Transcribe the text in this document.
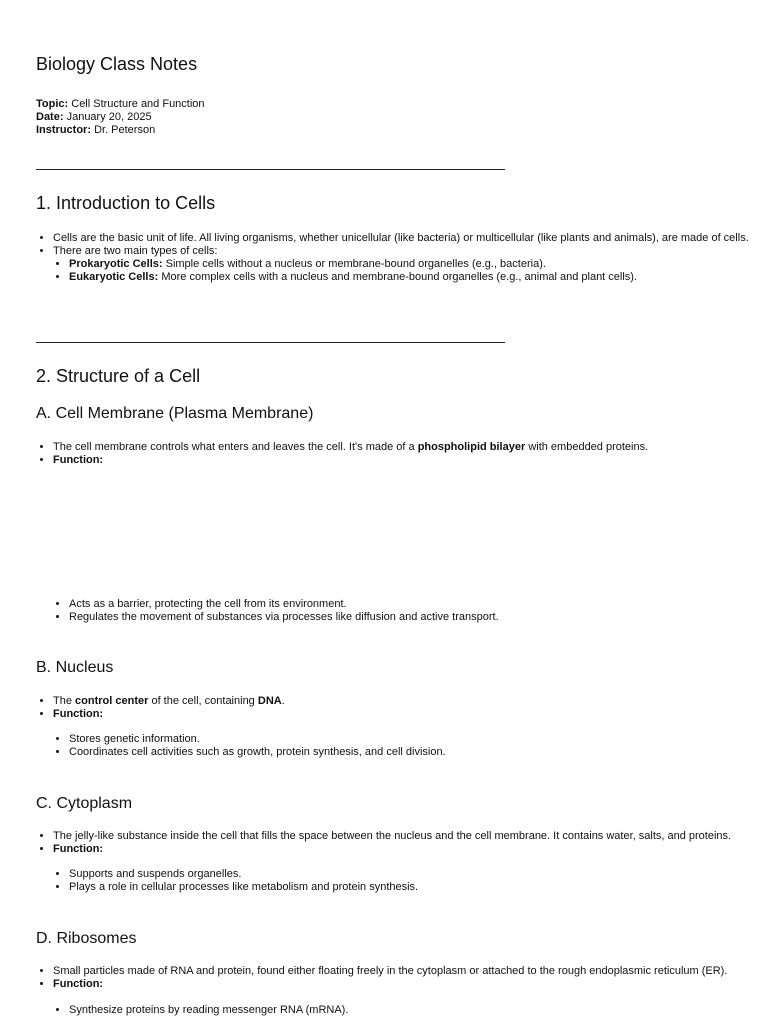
Biology Class Notes
Topic: Cell Structure and Function
Date: January 20, 2025
Instructor: Dr. Peterson
1. Introduction to Cells
• Cells are the basic unit of life. All living organisms, whether unicellular (like bacteria) or multicellular (like plants and animals), are made of cells.
• There are two main types of cells:
• Prokaryotic Cells: Simple cells without a nucleus or membrane-bound organelles (e.g., bacteria).
• Eukaryotic Cells: More complex cells with a nucleus and membrane-bound organelles (e.g., animal and plant cells).
2. Structure of a Cell
A. Cell Membrane (Plasma Membrane)
• The cell membrane controls what enters and leaves the cell. It's made of a phospholipid bilayer with embedded proteins.
• Function:
• Acts as a barrier, protecting the cell from its environment.
• Regulates the movement of substances via processes like diffusion and active transport.
B. Nucleus
• The control center of the cell, containing DNA.
• Function:
• Stores genetic information.
• Coordinates cell activities such as growth, protein synthesis, and cell division.
C. Cytoplasm
• The jelly-like substance inside the cell that fills the space between the nucleus and the cell membrane. It contains water, salts, and proteins.
• Function:
• Supports and suspends organelles.
• Plays a role in cellular processes like metabolism and protein synthesis.
D. Ribosomes
• Small particles made of RNA and protein, found either floating freely in the cytoplasm or attached to the rough endoplasmic reticulum (ER).
• Function:
• Synthesize proteins by reading messenger RNA (mRNA).
